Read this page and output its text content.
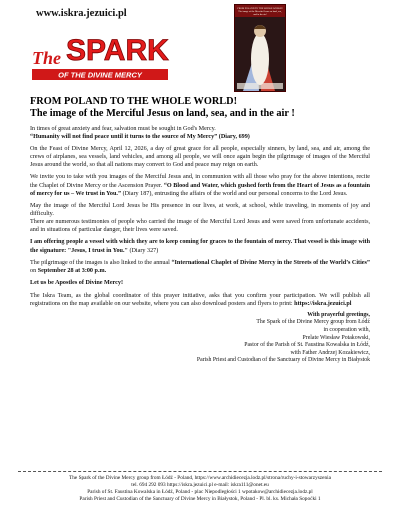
www.iskra.jezuici.pl
The SPARK
OF THE DIVINE MERCY
FROM POLAND TO THE WHOLE WORLD! The image of the Merciful Jesus on land, sea, and in the air!
FROM POLAND TO THE WHOLE WORLD!
The image of the Merciful Jesus on land, sea, and in the air !

In times of great anxiety and fear, salvation must be sought in God's Mercy.
“Humanity will not find peace until it turns to the source of My Mercy” (Diary, 699)

On the Feast of Divine Mercy, April 12, 2026, a day of great grace for all people, especially sinners, by land, sea, and air, among the crews of airplanes, sea vessels, land vehicles, and among all people, we will once again begin the pilgrimage of images of the Merciful Jesus around the world, so that all nations may convert to God and peace may reign on earth.

We invite you to take with you images of the Merciful Jesus and, in communion with all those who pray for the above intentions, recite the Chaplet of Divine Mercy or the Ascension Prayer. “O Blood and Water, which gushed forth from the Heart of Jesus as a fountain of mercy for us – We trust in You.” (Diary 187), entrusting the affairs of the world and our personal concerns to the Lord Jesus.

May the image of the Merciful Lord Jesus be His presence in our lives, at work, at school, while traveling, in moments of joy and difficulty.

There are numerous testimonies of people who carried the image of the Merciful Lord Jesus and were saved from unfortunate accidents, and in situations of particular danger, their lives were saved.

I am offering people a vessel with which they are to keep coming for graces to the fountain of mercy. That vessel is this image with the signature: "Jesus, I trust in You." (Diary 327)

The pilgrimage of the images is also linked to the annual “International Chaplet of Divine Mercy in the Streets of the World’s Cities” on September 28 at 3:00 p.m.

Let us be Apostles of Divine Mercy!

The Iskra Team, as the global coordinator of this prayer initiative, asks that you confirm your participation. We will publish all registrations on the map available on our website, where you can also download posters and flyers to print: https://iskra.jezuici.pl

With prayerful greetings,
The Spark of the Divine Mercy group from Łódź
in cooperation with,
Prelate Wiesław Potakowski,
Pastor of the Parish of St. Faustina Kowalska in Łódź,
with Father Andrzej Kozakiewicz,
Parish Priest and Custodian of the Sanctuary of Divine Mercy in Białystok
The Spark of the Divine Mercy group from Łódź - Poland, https://www.archidiecezja.lodz.pl/strona/ruchy-i-stowarzyszenia
tel. 694 292 093 https://iskra.jezuici.pl e-mail: iskra111@onet.eu
Parish of St. Faustina Kowalska in Łódź, Poland - plac Niepodległości 1 wpotakow@archidiecezja.lodz.pl
Parish Priest and Custodian of the Sanctuary of Divine Mercy in Białystok, Poland - Pl. bl. ks. Michała Sopoćki 1
